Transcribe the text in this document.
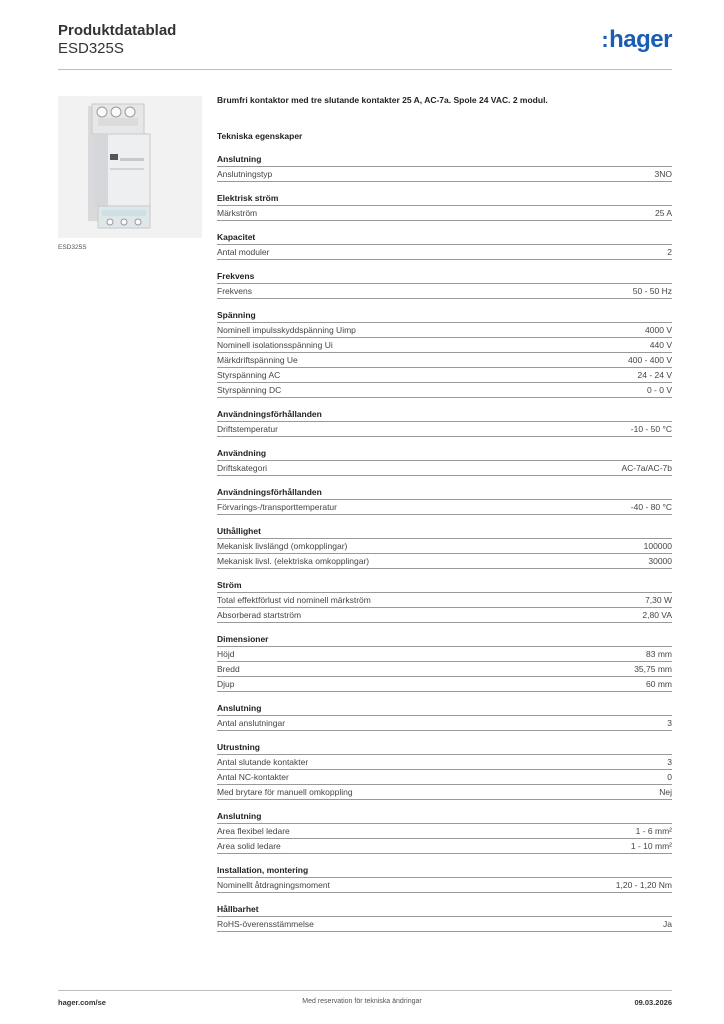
Produktdatablad
ESD325S	:hager
ESD325S
Brumfri kontaktor med tre slutande kontakter 25 A, AC-7a. Spole 24 VAC. 2 modul.
Tekniska egenskaper
Anslutning
Anslutningstyp	3NO
Elektrisk ström
Märkström	25 A
Kapacitet
Antal moduler	2
Frekvens
Frekvens	50 - 50 Hz
Spänning
Nominell impulsskyddspänning Uimp	4000 V
Nominell isolationsspänning Ui	440 V
Märkdriftspänning Ue	400 - 400 V
Styrspänning AC	24 - 24 V
Styrspänning DC	0 - 0 V
Användningsförhållanden
Driftstemperatur	-10 - 50 °C
Användning
Driftskategori	AC-7a/AC-7b
Användningsförhållanden
Förvarings-/transporttemperatur	-40 - 80 °C
Uthållighet
Mekanisk livslängd (omkopplingar)	100000
Mekanisk livsl. (elektriska omkopplingar)	30000
Ström
Total effektförlust vid nominell märkström	7,30 W
Absorberad startström	2,80 VA
Dimensioner
Höjd	83 mm
Bredd	35,75 mm
Djup	60 mm
Anslutning
Antal anslutningar	3
Utrustning
Antal slutande kontakter	3
Antal NC-kontakter	0
Med brytare för manuell omkoppling	Nej
Anslutning
Area flexibel ledare	1 - 6 mm²
Area solid ledare	1 - 10 mm²
Installation, montering
Nominellt åtdragningsmoment	1,20 - 1,20 Nm
Hållbarhet
RoHS-överensstämmelse	Ja
hager.com/se	Med reservation för tekniska ändringar	09.03.2026
